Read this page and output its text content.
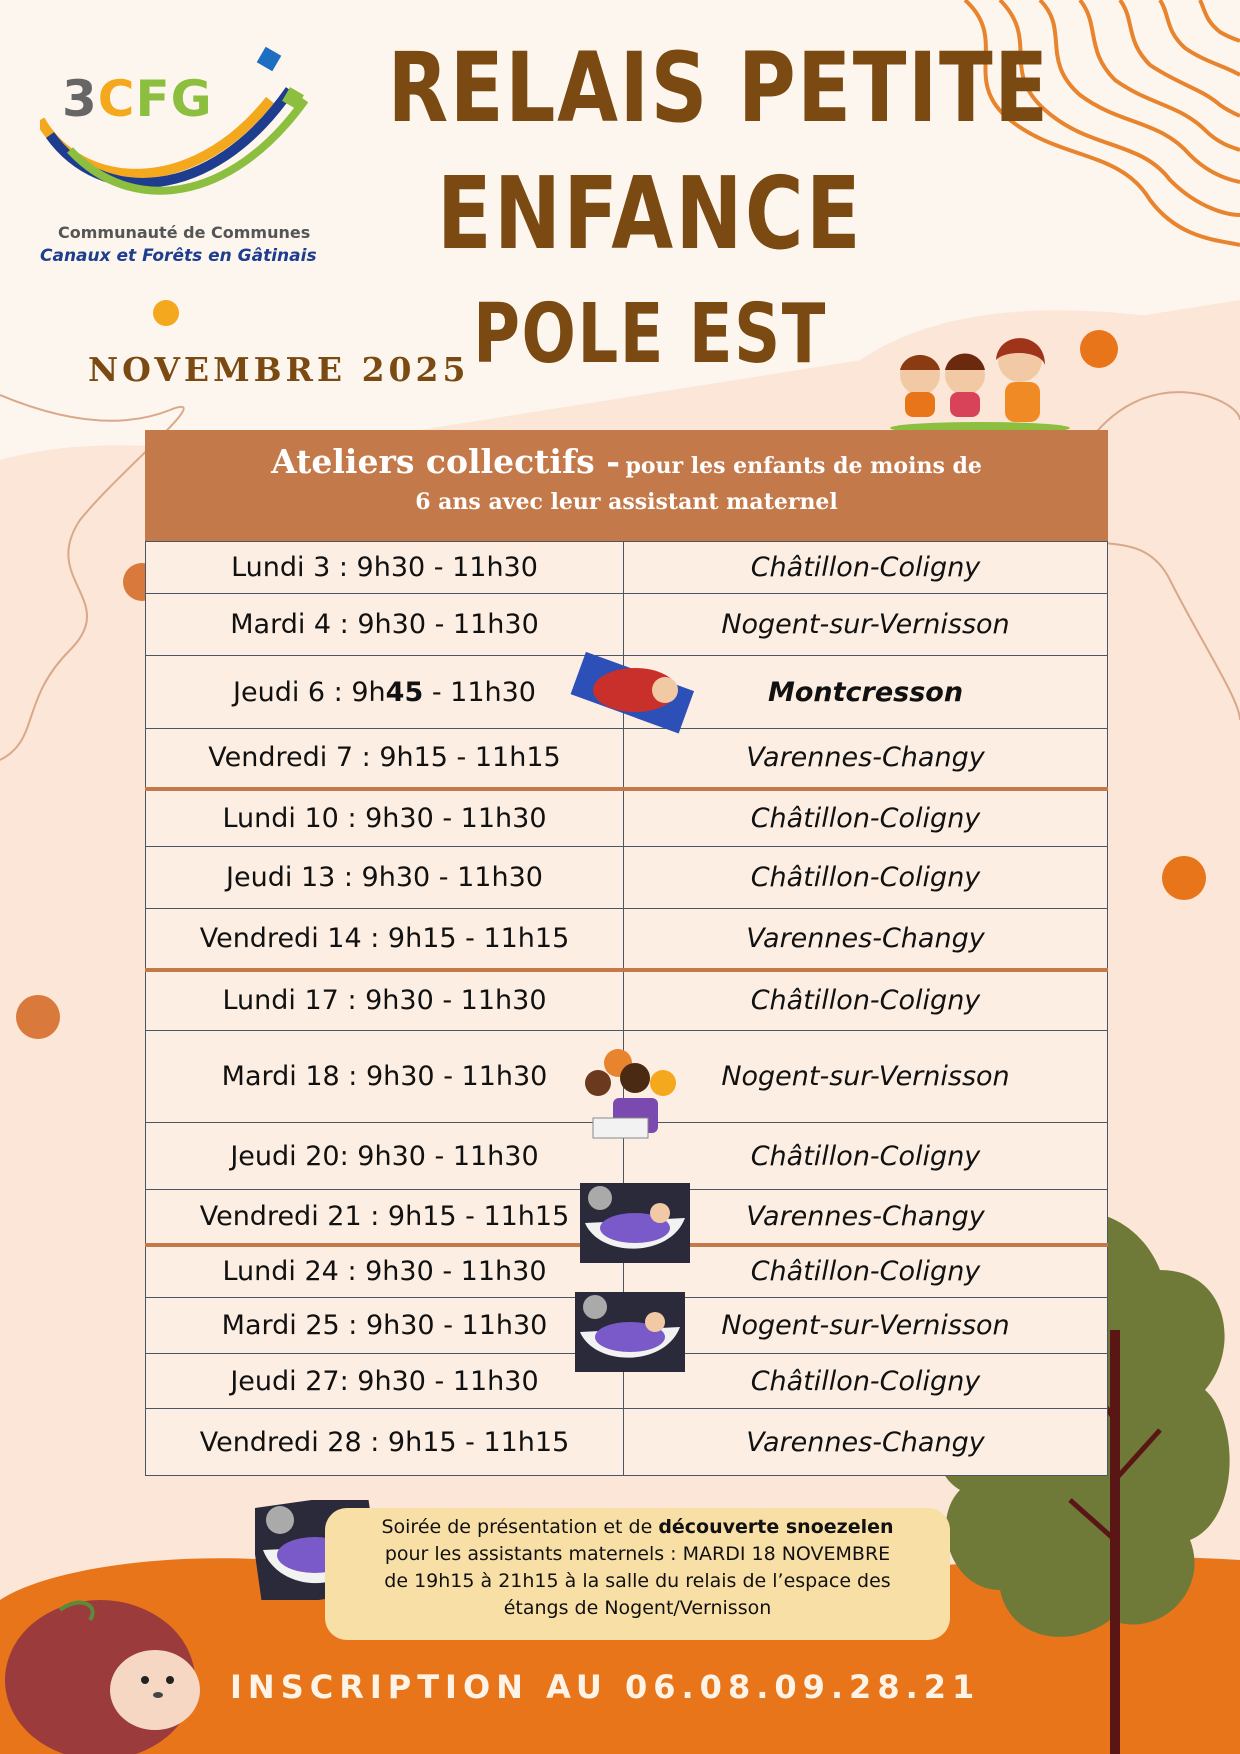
3CFG
Communauté de Communes
Canaux et Forêts en Gâtinais
RELAIS PETITE
ENFANCE
POLE EST
NOVEMBRE 2025
Ateliers collectifs - pour les enfants de moins de
6 ans avec leur assistant maternel
Lundi 3 : 9h30 - 11h30	Châtillon-Coligny
Mardi 4 : 9h30 - 11h30	Nogent-sur-Vernisson
Jeudi 6 : 9h45 - 11h30	Montcresson
Vendredi 7 : 9h15 - 11h15	Varennes-Changy
Lundi 10 : 9h30 - 11h30	Châtillon-Coligny
Jeudi 13 : 9h30 - 11h30	Châtillon-Coligny
Vendredi 14 : 9h15 - 11h15	Varennes-Changy
Lundi 17 : 9h30 - 11h30	Châtillon-Coligny
Mardi 18 : 9h30 - 11h30	Nogent-sur-Vernisson
Jeudi 20: 9h30 - 11h30	Châtillon-Coligny
Vendredi 21 : 9h15 - 11h15	Varennes-Changy
Lundi 24 : 9h30 - 11h30	Châtillon-Coligny
Mardi 25 : 9h30 - 11h30	Nogent-sur-Vernisson
Jeudi 27: 9h30 - 11h30	Châtillon-Coligny
Vendredi 28 : 9h15 - 11h15	Varennes-Changy
Soirée de présentation et de découverte snoezelen
pour les assistants maternels : MARDI 18 NOVEMBRE
de 19h15 à 21h15 à la salle du relais de l’espace des
étangs de Nogent/Vernisson
INSCRIPTION AU 06.08.09.28.21
